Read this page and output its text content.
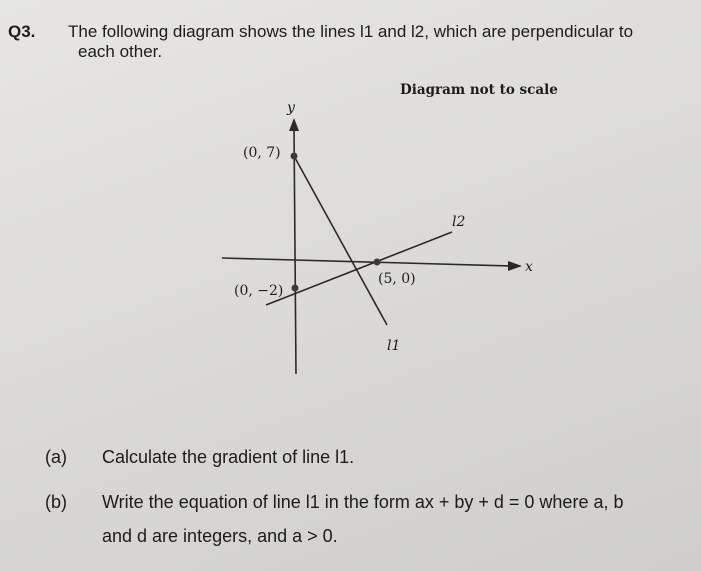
Q3. The following diagram shows the lines l1 and l2, which are perpendicular to
each other.
Diagram not to scale
y
x
(0, 7)
(0, −2)
(5, 0)
l2
l1
(a) Calculate the gradient of line l1.
(b) Write the equation of line l1 in the form ax + by + d = 0 where a, b
and d are integers, and a > 0.
